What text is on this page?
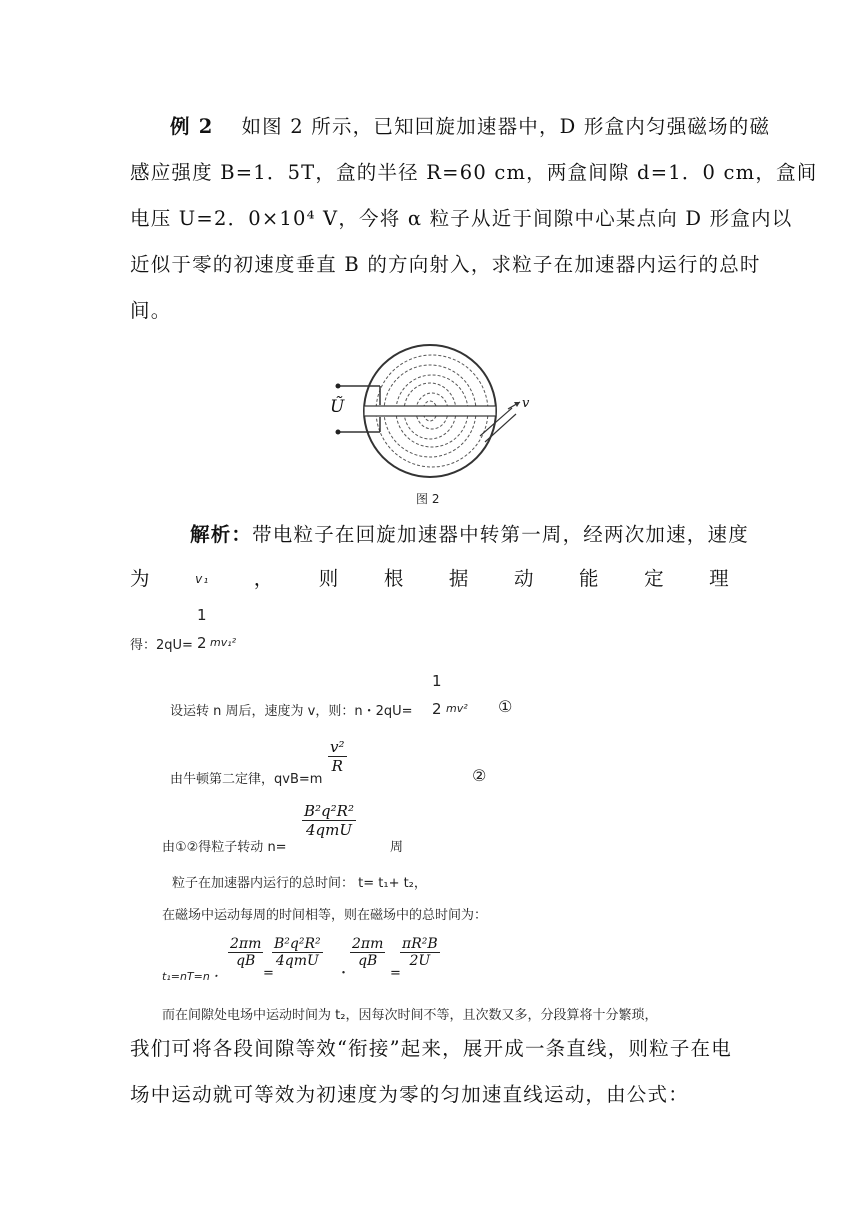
例 2 如图 2 所示，已知回旋加速器中，D 形盒内匀强磁场的磁
感应强度 B=1．5T，盒的半径 R=60 cm，两盒间隙 d=1．0 cm，盒间
电压 U=2．0×10⁴ V，今将 α 粒子从近于间隙中心某点向 D 形盒内以
近似于零的初速度垂直 B 的方向射入，求粒子在加速器内运行的总时
间。
Ũ	v
图 2
解析：带电粒子在回旋加速器中转第一周，经两次加速，速度
为	v₁ ， 则 根 据 动 能 定 理
得：2qU=
1
2 mv₁²
设运转 n 周后，速度为 v，则：n・2qU=
1
2 mv² ①
由牛顿第二定律，qvB=m
$\frac{\text{v²}}{R}$
②
由①②得粒子转动 n=
B²q²R²
4qmU
周
粒子在加速器内运行的总时间： t= t₁+ t₂，
在磁场中运动每周的时间相等，则在磁场中的总时间为：
t₁=nT=n・
$\frac{2\pi m}{qB}$
=
B²q²R²
4qmU
・
$\frac{2\pi m}{qB}$
=
$\frac{\text{πR²B}}{2U}$
而在间隙处电场中运动时间为 t₂，因每次时间不等，且次数又多，分段算将十分繁琐，
我们可将各段间隙等效“衔接”起来，展开成一条直线，则粒子在电
场中运动就可等效为初速度为零的匀加速直线运动，由公式：
